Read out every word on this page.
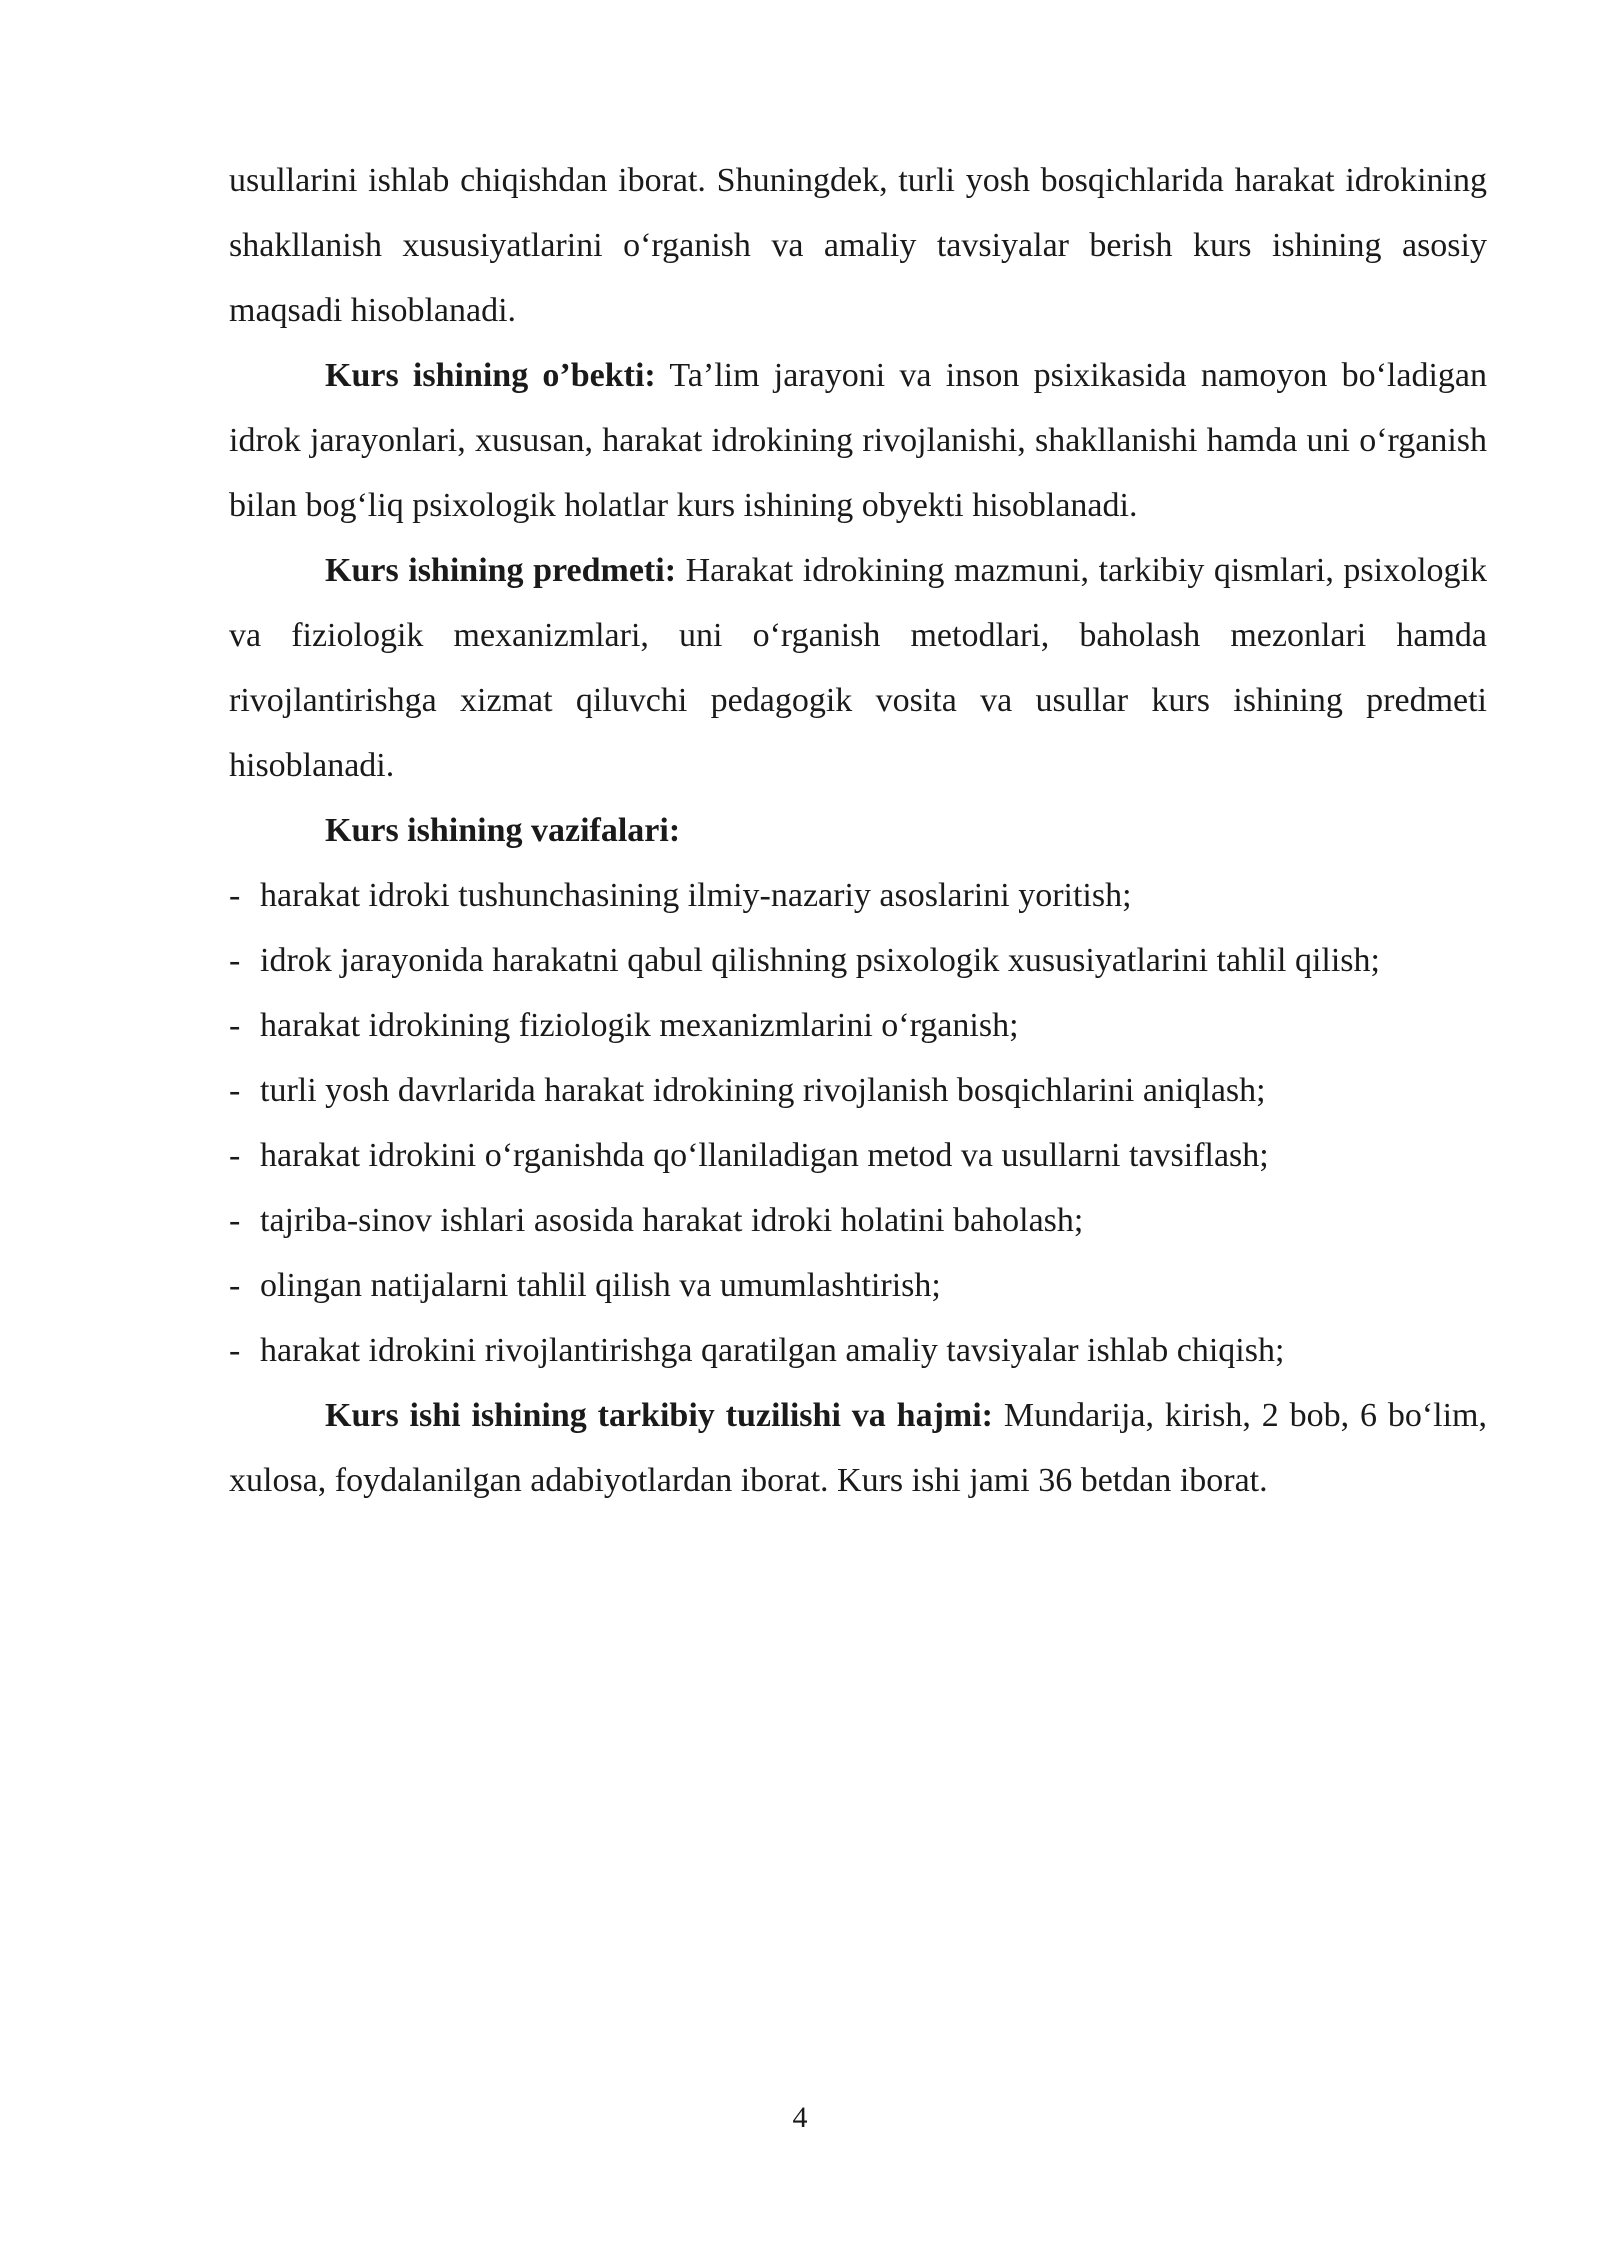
usullarini ishlab chiqishdan iborat. Shuningdek, turli yosh bosqichlarida harakat idrokining shakllanish xususiyatlarini o‘rganish va amaliy tavsiyalar berish kurs ishining asosiy maqsadi hisoblanadi.

Kurs ishining o’bekti: Ta’lim jarayoni va inson psixikasida namoyon bo‘ladigan idrok jarayonlari, xususan, harakat idrokining rivojlanishi, shakllanishi hamda uni o‘rganish bilan bog‘liq psixologik holatlar kurs ishining obyekti hisoblanadi.

Kurs ishining predmeti: Harakat idrokining mazmuni, tarkibiy qismlari, psixologik va fiziologik mexanizmlari, uni o‘rganish metodlari, baholash mezonlari hamda rivojlantirishga xizmat qiluvchi pedagogik vosita va usullar kurs ishining predmeti hisoblanadi.

Kurs ishining vazifalari:

- harakat idroki tushunchasining ilmiy-nazariy asoslarini yoritish;
- idrok jarayonida harakatni qabul qilishning psixologik xususiyatlarini tahlil qilish;
- harakat idrokining fiziologik mexanizmlarini o‘rganish;
- turli yosh davrlarida harakat idrokining rivojlanish bosqichlarini aniqlash;
- harakat idrokini o‘rganishda qo‘llaniladigan metod va usullarni tavsiflash;
- tajriba-sinov ishlari asosida harakat idroki holatini baholash;
- olingan natijalarni tahlil qilish va umumlashtirish;
- harakat idrokini rivojlantirishga qaratilgan amaliy tavsiyalar ishlab chiqish;

Kurs ishi ishining tarkibiy tuzilishi va hajmi: Mundarija, kirish, 2 bob, 6 bo‘lim, xulosa, foydalanilgan adabiyotlardan iborat. Kurs ishi jami 36 betdan iborat.

4
